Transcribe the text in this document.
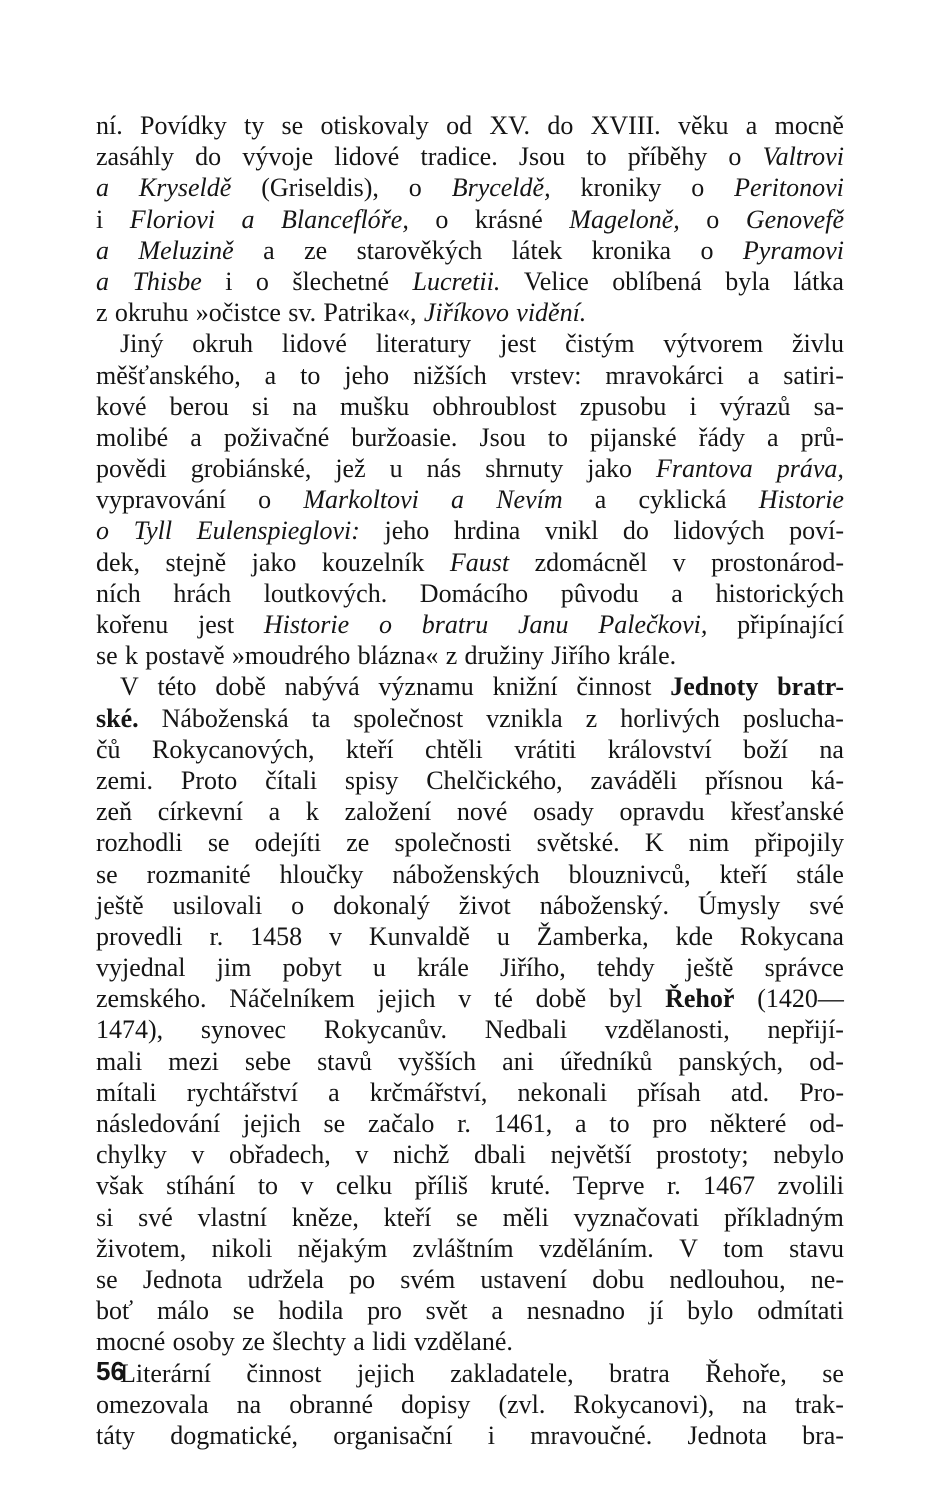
ní. Povídky ty se otiskovaly od XV. do XVIII. věku a mocně
zasáhly do vývoje lidové tradice. Jsou to příběhy o Valtrovi
a Kryseldě (Griseldis), o Bryceldě, kroniky o Peritonovi
i Floriovi a Blanceflóře, o krásné Mageloně, o Genovefě
a Meluzině a ze starověkých látek kronika o Pyramovi
a Thisbe i o šlechetné Lucretii. Velice oblíbená byla látka
z okruhu »očistce sv. Patrika«, Jiříkovo vidění.
Jiný okruh lidové literatury jest čistým výtvorem živlu
měšťanského, a to jeho nižších vrstev: mravokárci a satiri-
kové berou si na mušku obhroublost zpusobu i výrazů sa-
molibé a poživačné buržoasie. Jsou to pijanské řády a prů-
povědi grobiánské, jež u nás shrnuty jako Frantova práva,
vypravování o Markoltovi a Nevím a cyklická Historie
o Tyll Eulenspieglovi: jeho hrdina vnikl do lidových poví-
dek, stejně jako kouzelník Faust zdomácněl v prostonárod-
ních hrách loutkových. Domácího pûvodu a historických
kořenu jest Historie o bratru Janu Palečkovi, připínající
se k postavě »moudrého blázna« z družiny Jiřího krále.
V této době nabývá významu knižní činnost Jednoty bratr-
ské. Náboženská ta společnost vznikla z horlivých poslucha-
čů Rokycanových, kteří chtěli vrátiti království boží na
zemi. Proto čítali spisy Chelčického, zaváděli přísnou ká-
zeň církevní a k založení nové osady opravdu křesťanské
rozhodli se odejíti ze společnosti světské. K nim připojily
se rozmanité hloučky náboženských blouznivců, kteří stále
ještě usilovali o dokonalý život náboženský. Úmysly své
provedli r. 1458 v Kunvaldě u Žamberka, kde Rokycana
vyjednal jim pobyt u krále Jiřího, tehdy ještě správce
zemského. Náčelníkem jejich v té době byl Řehoř (1420—
1474), synovec Rokycanův. Nedbali vzdělanosti, nepřijí-
mali mezi sebe stavů vyšších ani úředníků panských, od-
mítali rychtářství a krčmářství, nekonali přísah atd. Pro-
následování jejich se začalo r. 1461, a to pro některé od-
chylky v obřadech, v nichž dbali největší prostoty; nebylo
však stíhání to v celku příliš kruté. Teprve r. 1467 zvolili
si své vlastní kněze, kteří se měli vyznačovati příkladným
životem, nikoli nějakým zvláštním vzděláním. V tom stavu
se Jednota udržela po svém ustavení dobu nedlouhou, ne-
boť málo se hodila pro svět a nesnadno jí bylo odmítati
mocné osoby ze šlechty a lidi vzdělané.
Literární činnost jejich zakladatele, bratra Řehoře, se
omezovala na obranné dopisy (zvl. Rokycanovi), na trak-
táty dogmatické, organisační i mravoučné. Jednota bra-
56
